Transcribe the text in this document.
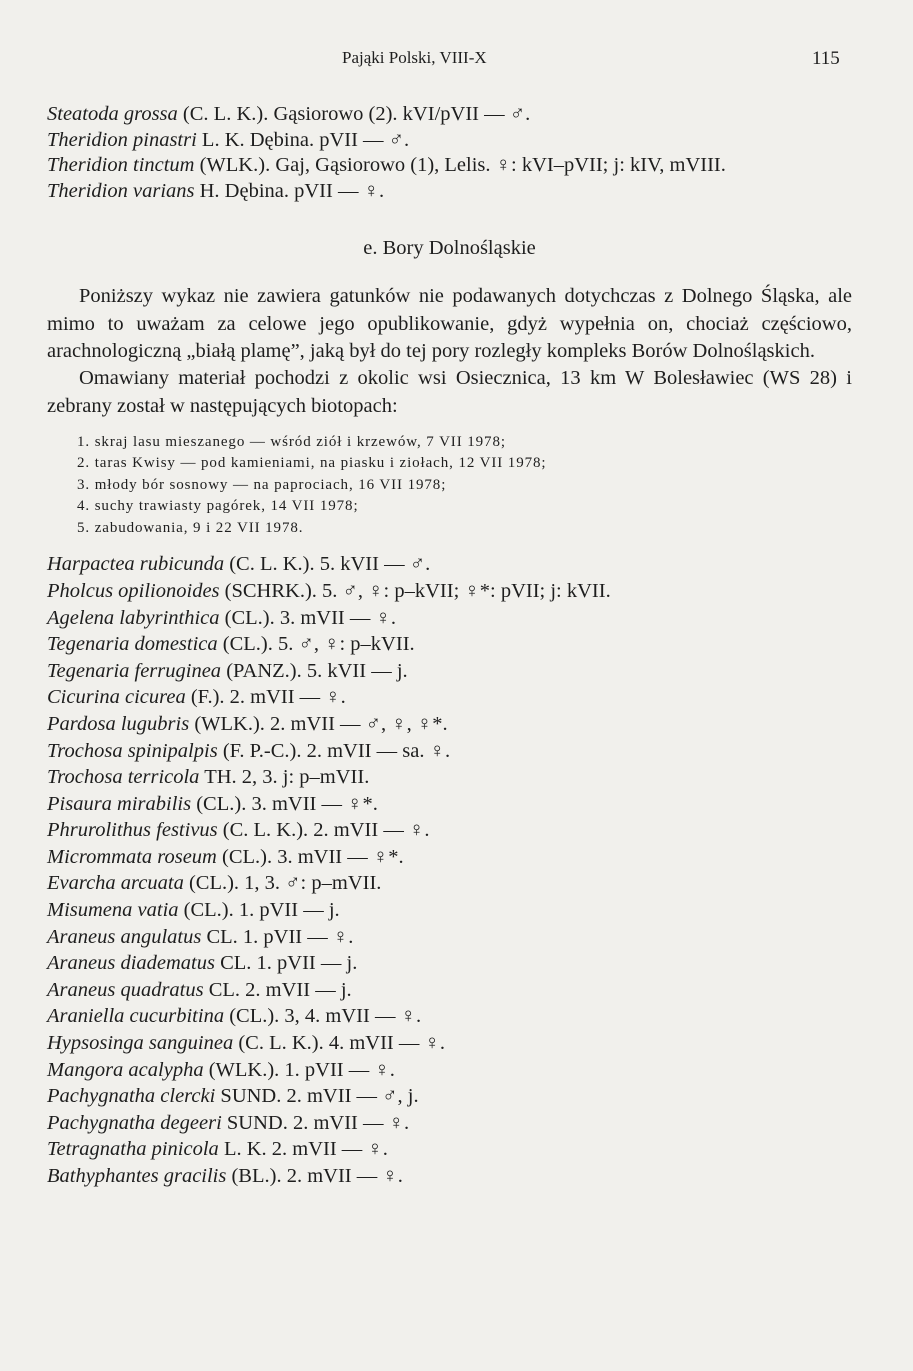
Pająki Polski, VIII-X	115
Steatoda grossa (C. L. K.). Gąsiorowo (2). kVI/pVII — ♂.
Theridion pinastri L. K. Dębina. pVII — ♂.
Theridion tinctum (WLK.). Gaj, Gąsiorowo (1), Lelis. ♀: kVI–pVII; j: kIV, mVIII.
Theridion varians H. Dębina. pVII — ♀.
e. Bory Dolnośląskie
Poniższy wykaz nie zawiera gatunków nie podawanych dotychczas z Dolnego Śląska, ale mimo to uważam za celowe jego opublikowanie, gdyż wypełnia on, chociaż częściowo, arachnologiczną „białą plamę”, jaką był do tej pory rozległy kompleks Borów Dolnośląskich.
Omawiany materiał pochodzi z okolic wsi Osiecznica, 13 km W Bolesławiec (WS 28) i zebrany został w następujących biotopach:
1. skraj lasu mieszanego — wśród ziół i krzewów, 7 VII 1978;
2. taras Kwisy — pod kamieniami, na piasku i ziołach, 12 VII 1978;
3. młody bór sosnowy — na paprociach, 16 VII 1978;
4. suchy trawiasty pagórek, 14 VII 1978;
5. zabudowania, 9 i 22 VII 1978.
Harpactea rubicunda (C. L. K.). 5. kVII — ♂.
Pholcus opilionoides (SCHRK.). 5. ♂, ♀: p–kVII; ♀*: pVII; j: kVII.
Agelena labyrinthica (CL.). 3. mVII — ♀.
Tegenaria domestica (CL.). 5. ♂, ♀: p–kVII.
Tegenaria ferruginea (PANZ.). 5. kVII — j.
Cicurina cicurea (F.). 2. mVII — ♀.
Pardosa lugubris (WLK.). 2. mVII — ♂, ♀, ♀*.
Trochosa spinipalpis (F. P.-C.). 2. mVII — sa. ♀.
Trochosa terricola TH. 2, 3. j: p–mVII.
Pisaura mirabilis (CL.). 3. mVII — ♀*.
Phrurolithus festivus (C. L. K.). 2. mVII — ♀.
Micrommata roseum (CL.). 3. mVII — ♀*.
Evarcha arcuata (CL.). 1, 3. ♂: p–mVII.
Misumena vatia (CL.). 1. pVII — j.
Araneus angulatus CL. 1. pVII — ♀.
Araneus diadematus CL. 1. pVII — j.
Araneus quadratus CL. 2. mVII — j.
Araniella cucurbitina (CL.). 3, 4. mVII — ♀.
Hypsosinga sanguinea (C. L. K.). 4. mVII — ♀.
Mangora acalypha (WLK.). 1. pVII — ♀.
Pachygnatha clercki SUND. 2. mVII — ♂, j.
Pachygnatha degeeri SUND. 2. mVII — ♀.
Tetragnatha pinicola L. K. 2. mVII — ♀.
Bathyphantes gracilis (BL.). 2. mVII — ♀.
